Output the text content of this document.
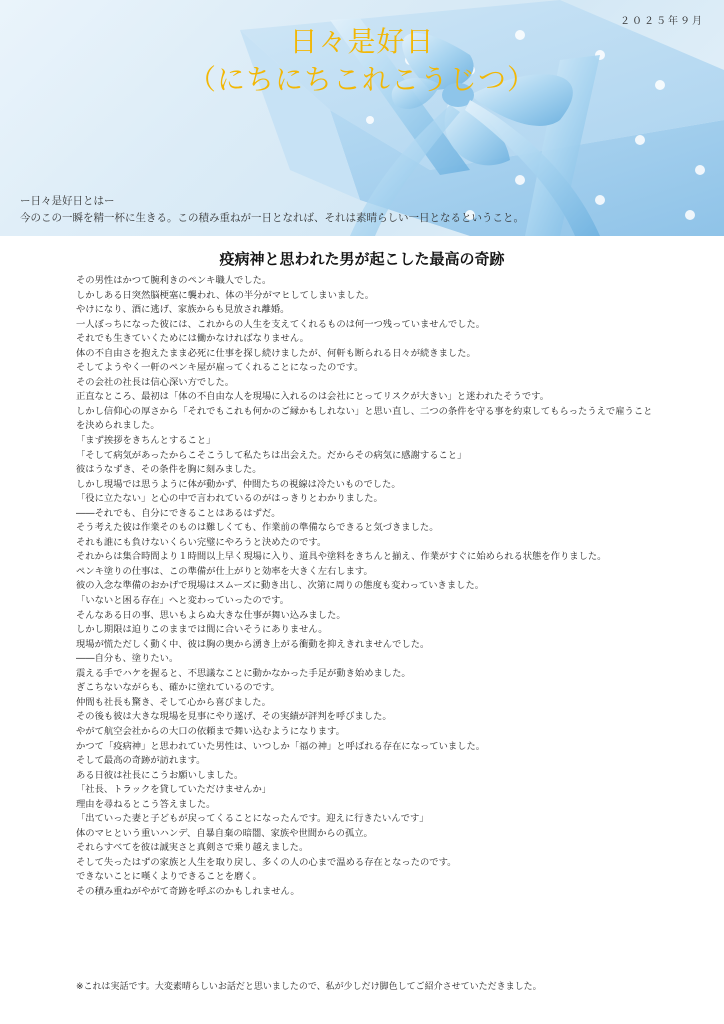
２０２５年９月
日々是好日
（にちにちこれこうじつ）
ー日々是好日とはー
今のこの一瞬を精一杯に生きる。この積み重ねが一日となれば、それは素晴らしい一日となるということ。
疫病神と思われた男が起こした最高の奇跡

その男性はかつて腕利きのペンキ職人でした。

しかしある日突然脳梗塞に襲われ、体の半分がマヒしてしまいました。

やけになり、酒に逃げ、家族からも見放され離婚。

一人ぼっちになった彼には、これからの人生を支えてくれるものは何一つ残っていませんでした。

それでも生きていくためには働かなければなりません。

体の不自由さを抱えたまま必死に仕事を探し続けましたが、何軒も断られる日々が続きました。

そしてようやく一軒のペンキ屋が雇ってくれることになったのです。

その会社の社長は信心深い方でした。

正直なところ、最初は「体の不自由な人を現場に入れるのは会社にとってリスクが大きい」と迷われたそうです。

しかし信仰心の厚さから「それでもこれも何かのご縁かもしれない」と思い直し、二つの条件を守る事を約束してもらったうえで雇うことを決められました。

「まず挨拶をきちんとすること」

「そして病気があったからこそこうして私たちは出会えた。だからその病気に感謝すること」

彼はうなずき、その条件を胸に刻みました。

しかし現場では思うように体が動かず、仲間たちの視線は冷たいものでした。

「役に立たない」と心の中で言われているのがはっきりとわかりました。

――それでも、自分にできることはあるはずだ。

そう考えた彼は作業そのものは難しくても、作業前の準備ならできると気づきました。

それも誰にも負けないくらい完璧にやろうと決めたのです。

それからは集合時間より１時間以上早く現場に入り、道具や塗料をきちんと揃え、作業がすぐに始められる状態を作りました。

ペンキ塗りの仕事は、この準備が仕上がりと効率を大きく左右します。

彼の入念な準備のおかげで現場はスムーズに動き出し、次第に周りの態度も変わっていきました。

「いないと困る存在」へと変わっていったのです。

そんなある日の事、思いもよらぬ大きな仕事が舞い込みました。

しかし期限は迫りこのままでは間に合いそうにありません。

現場が慌ただしく動く中、彼は胸の奥から湧き上がる衝動を抑えきれませんでした。

――自分も、塗りたい。

震える手でハケを握ると、不思議なことに動かなかった手足が動き始めました。

ぎこちないながらも、確かに塗れているのです。

仲間も社長も驚き、そして心から喜びました。

その後も彼は大きな現場を見事にやり遂げ、その実績が評判を呼びました。

やがて航空会社からの大口の依頼まで舞い込むようになります。

かつて「疫病神」と思われていた男性は、いつしか「福の神」と呼ばれる存在になっていました。

そして最高の奇跡が訪れます。

ある日彼は社長にこうお願いしました。

「社長、トラックを貸していただけませんか」

理由を尋ねるとこう答えました。

「出ていった妻と子どもが戻ってくることになったんです。迎えに行きたいんです」

体のマヒという重いハンデ、自暴自棄の暗闇、家族や世間からの孤立。

それらすべてを彼は誠実さと真剣さで乗り越えました。

そして失ったはずの家族と人生を取り戻し、多くの人の心まで温める存在となったのです。

できないことに嘆くよりできることを磨く。

その積み重ねがやがて奇跡を呼ぶのかもしれません。

※これは実話です。大変素晴らしいお話だと思いましたので、私が少しだけ脚色してご紹介させていただきました。
